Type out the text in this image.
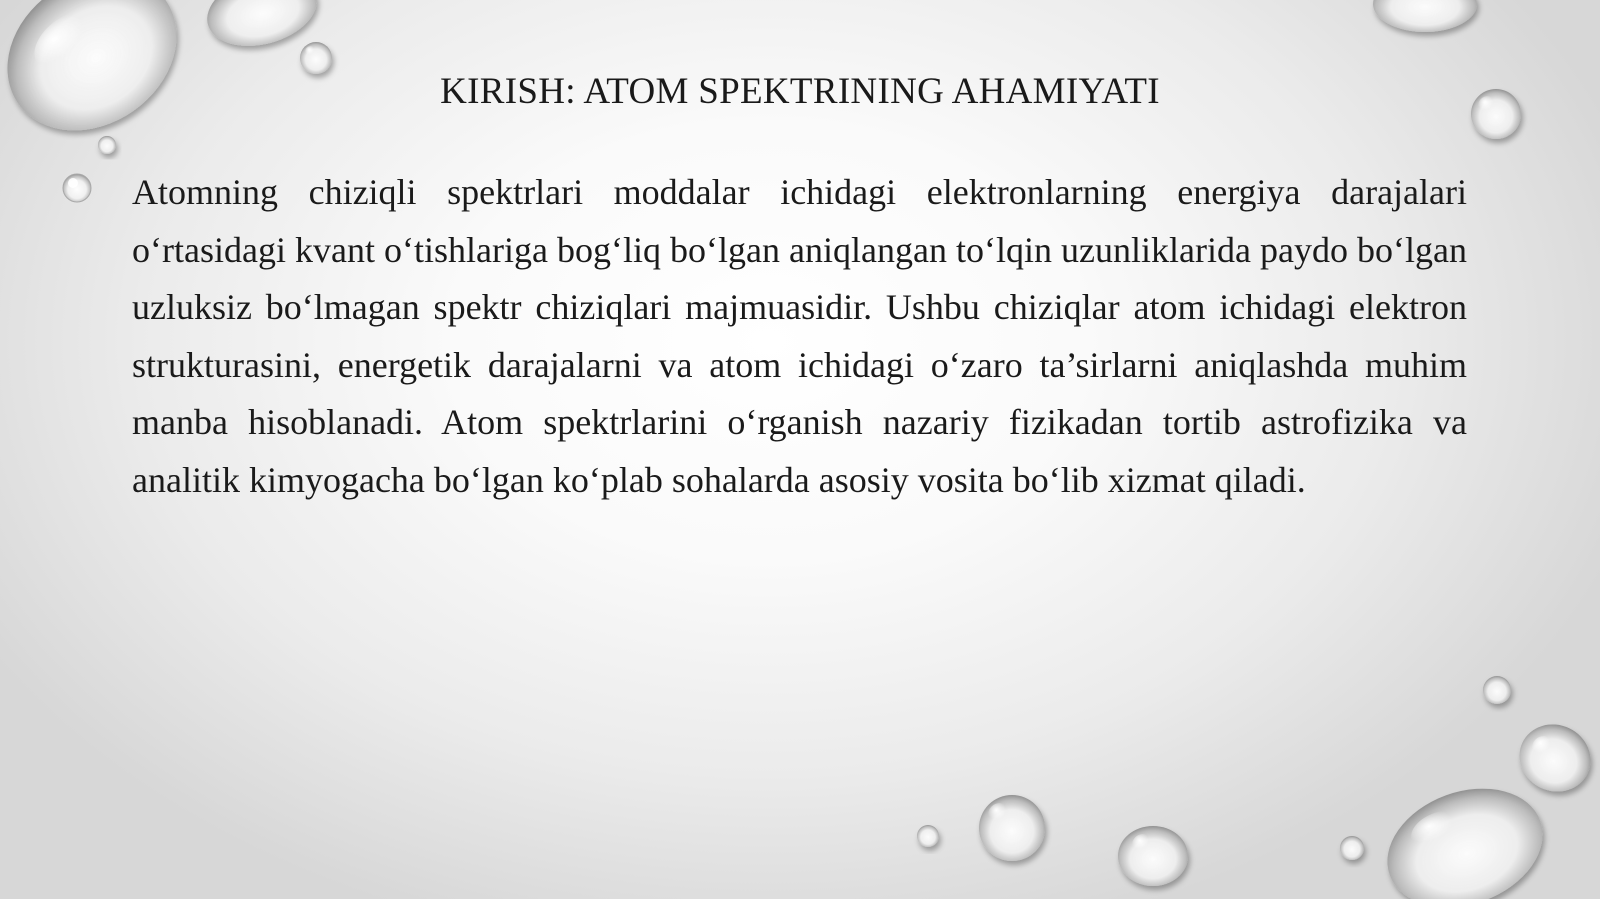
KIRISH: ATOM SPEKTRINING AHAMIYATI

Atomning chiziqli spektrlari moddalar ichidagi elektronlarning energiya darajalari o‘rtasidagi kvant o‘tishlariga bog‘liq bo‘lgan aniqlangan to‘lqin uzunliklarida paydo bo‘lgan uzluksiz bo‘lmagan spektr chiziqlari majmuasidir. Ushbu chiziqlar atom ichidagi elektron strukturasini, energetik darajalarni va atom ichidagi o‘zaro ta’sirlarni aniqlashda muhim manba hisoblanadi. Atom spektrlarini o‘rganish nazariy fizikadan tortib astrofizika va analitik kimyogacha bo‘lgan ko‘plab sohalarda asosiy vosita bo‘lib xizmat qiladi.
